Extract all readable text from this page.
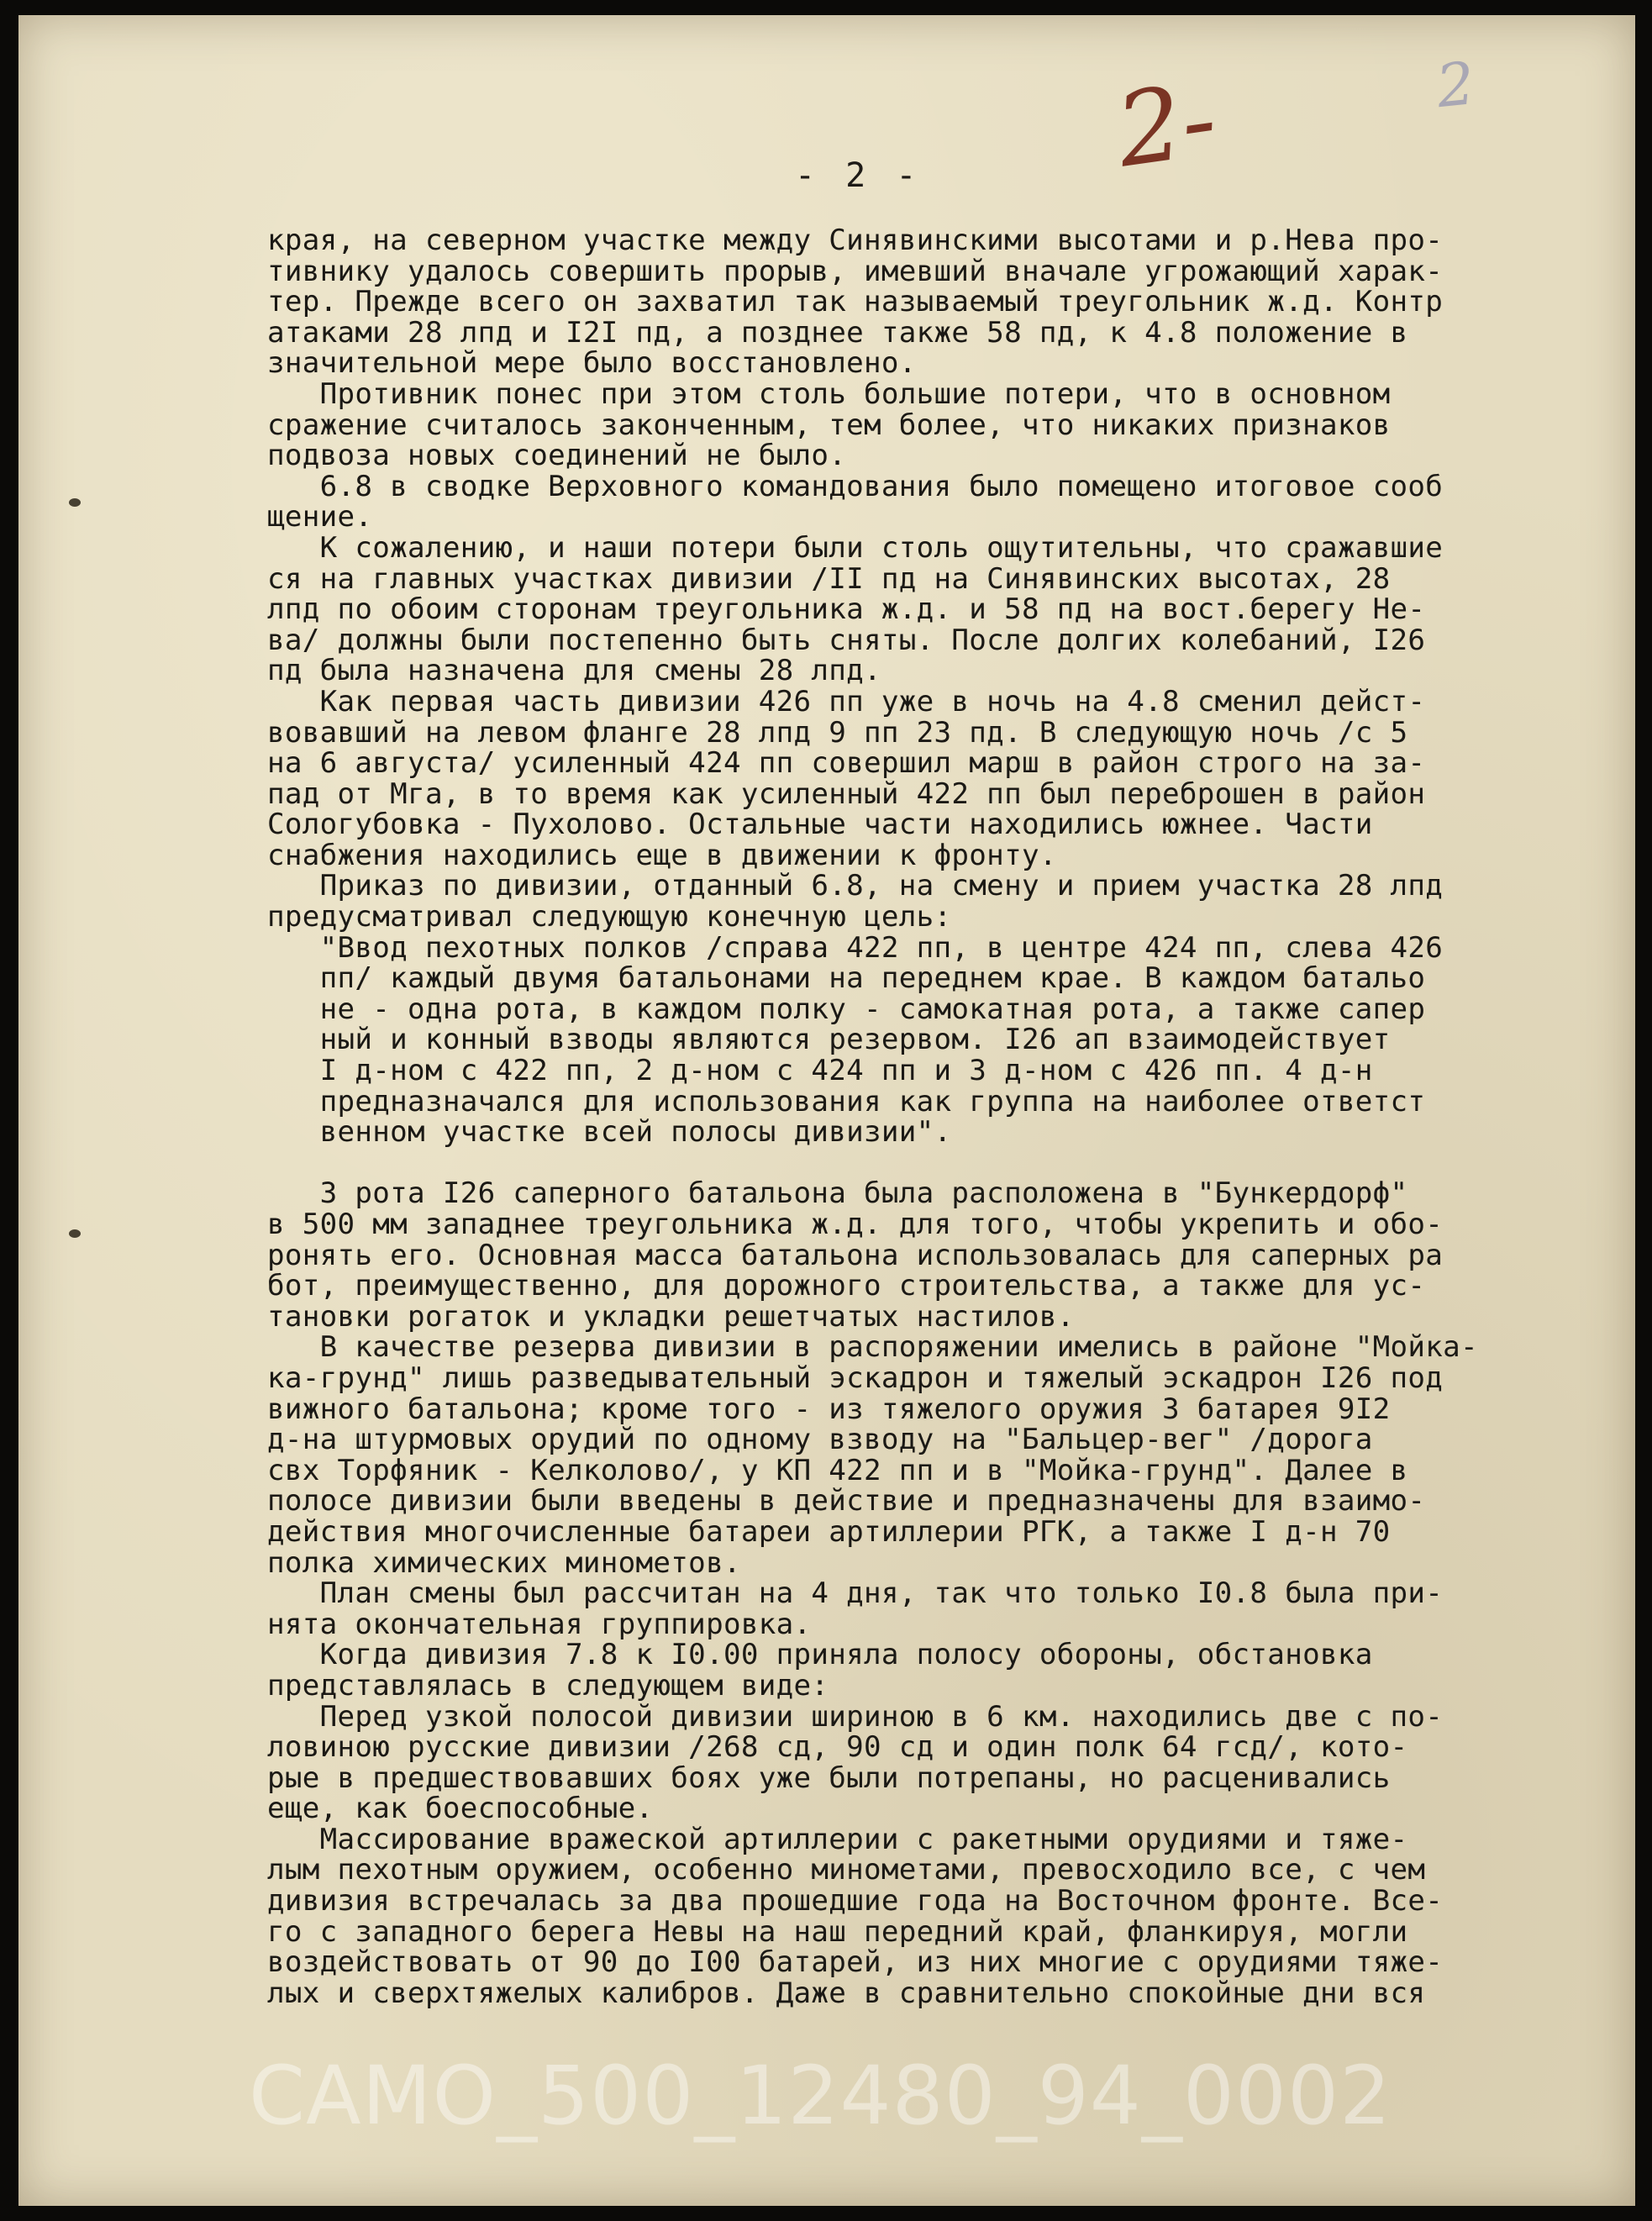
2-	2
- 2 -
края, на северном участке между Синявинскими высотами и р.Нева про-
тивнику удалось совершить прорыв, имевший вначале угрожающий харак-
тер. Прежде всего он захватил так называемый треугольник ж.д. Контр
атаками 28 лпд и I2I пд, а позднее также 58 пд, к 4.8 положение в
значительной мере было восстановлено.
Противник понес при этом столь большие потери, что в основном
сражение считалось законченным, тем более, что никаких признаков
подвоза новых соединений не было.
6.8 в сводке Верховного командования было помещено итоговое сооб
щение.
К сожалению, и наши потери были столь ощутительны, что сражавшие
ся на главных участках дивизии /II пд на Синявинских высотах, 28
лпд по обоим сторонам треугольника ж.д. и 58 пд на вост.берегу Не-
ва/ должны были постепенно быть сняты. После долгих колебаний, I26
пд была назначена для смены 28 лпд.
Как первая часть дивизии 426 пп уже в ночь на 4.8 сменил дейст-
вовавший на левом фланге 28 лпд 9 пп 23 пд. В следующую ночь /с 5
на 6 августа/ усиленный 424 пп совершил марш в район строго на за-
пад от Мга, в то время как усиленный 422 пп был переброшен в район
Сологубовка - Пухолово. Остальные части находились южнее. Части
снабжения находились еще в движении к фронту.
Приказ по дивизии, отданный 6.8, на смену и прием участка 28 лпд
предусматривал следующую конечную цель:
"Ввод пехотных полков /справа 422 пп, в центре 424 пп, слева 426
пп/ каждый двумя батальонами на переднем крае. В каждом батальо
не - одна рота, в каждом полку - самокатная рота, а также сапер
ный и конный взводы являются резервом. I26 ап взаимодействует
I д-ном с 422 пп, 2 д-ном с 424 пп и 3 д-ном с 426 пп. 4 д-н
предназначался для использования как группа на наиболее ответст
венном участке всей полосы дивизии".
3 рота I26 саперного батальона была расположена в "Бункердорф"
в 500 мм западнее треугольника ж.д. для того, чтобы укрепить и обо-
ронять его. Основная масса батальона использовалась для саперных ра
бот, преимущественно, для дорожного строительства, а также для ус-
тановки рогаток и укладки решетчатых настилов.
В качестве резерва дивизии в распоряжении имелись в районе "Мойка-
ка-грунд" лишь разведывательный эскадрон и тяжелый эскадрон I26 под
вижного батальона; кроме того - из тяжелого оружия 3 батарея 9I2
д-на штурмовых орудий по одному взводу на "Бальцер-вег" /дорога
свх Торфяник - Келколово/, у КП 422 пп и в "Мойка-грунд". Далее в
полосе дивизии были введены в действие и предназначены для взаимо-
действия многочисленные батареи артиллерии РГК, а также I д-н 70
полка химических минометов.
План смены был рассчитан на 4 дня, так что только I0.8 была при-
нята окончательная группировка.
Когда дивизия 7.8 к I0.00 приняла полосу обороны, обстановка
представлялась в следующем виде:
Перед узкой полосой дивизии шириною в 6 км. находились две с по-
ловиною русские дивизии /268 сд, 90 сд и один полк 64 гсд/, кото-
рые в предшествовавших боях уже были потрепаны, но расценивались
еще, как боеспособные.
Массирование вражеской артиллерии с ракетными орудиями и тяже-
лым пехотным оружием, особенно минометами, превосходило все, с чем
дивизия встречалась за два прошедшие года на Восточном фронте. Все-
го с западного берега Невы на наш передний край, фланкируя, могли
воздействовать от 90 до I00 батарей, из них многие с орудиями тяже-
лых и сверхтяжелых калибров. Даже в сравнительно спокойные дни вся
CAMO_500_12480_94_0002
